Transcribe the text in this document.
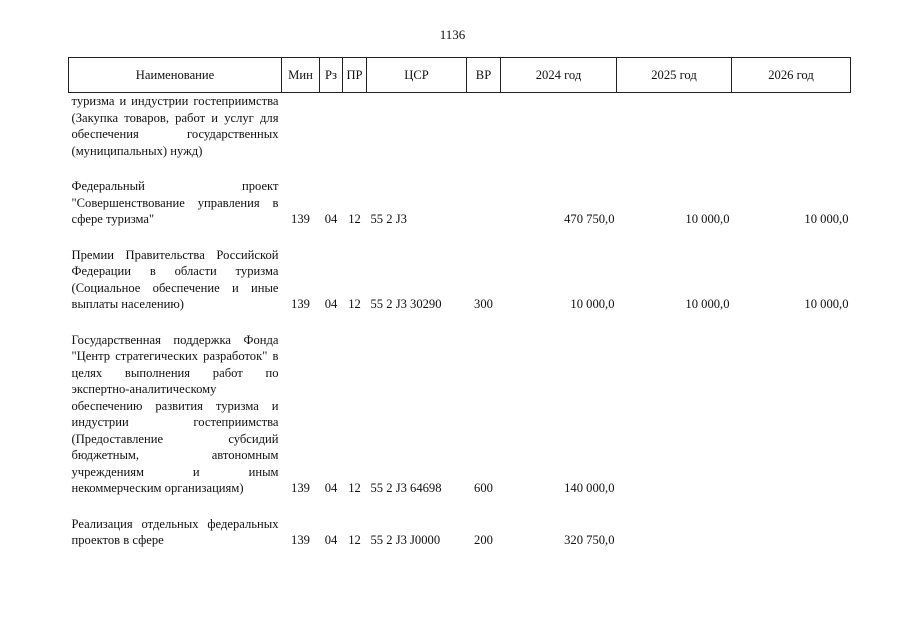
1136
Наименование	Мин	Рз	ПР	ЦСР	ВР	2024 год	2025 год	2026 год
туризма и индустрии гостеприимства (Закупка товаров, работ и услуг для обеспечения государственных (муниципальных) нужд)								
Федеральный проект "Совершенствование управления в сфере туризма"	139	04	12	55 2 J3		470 750,0	10 000,0	10 000,0
Премии Правительства Российской Федерации в области туризма (Социальное обеспечение и иные выплаты населению)	139	04	12	55 2 J3 30290	300	10 000,0	10 000,0	10 000,0
Государственная поддержка Фонда "Центр стратегических разработок" в целях выполнения работ по экспертно-аналитическому обеспечению развития туризма и индустрии гостеприимства (Предоставление субсидий бюджетным, автономным учреждениям и иным некоммерческим организациям)	139	04	12	55 2 J3 64698	600	140 000,0		
Реализация отдельных федеральных проектов в сфере	139	04	12	55 2 J3 J0000	200	320 750,0		
